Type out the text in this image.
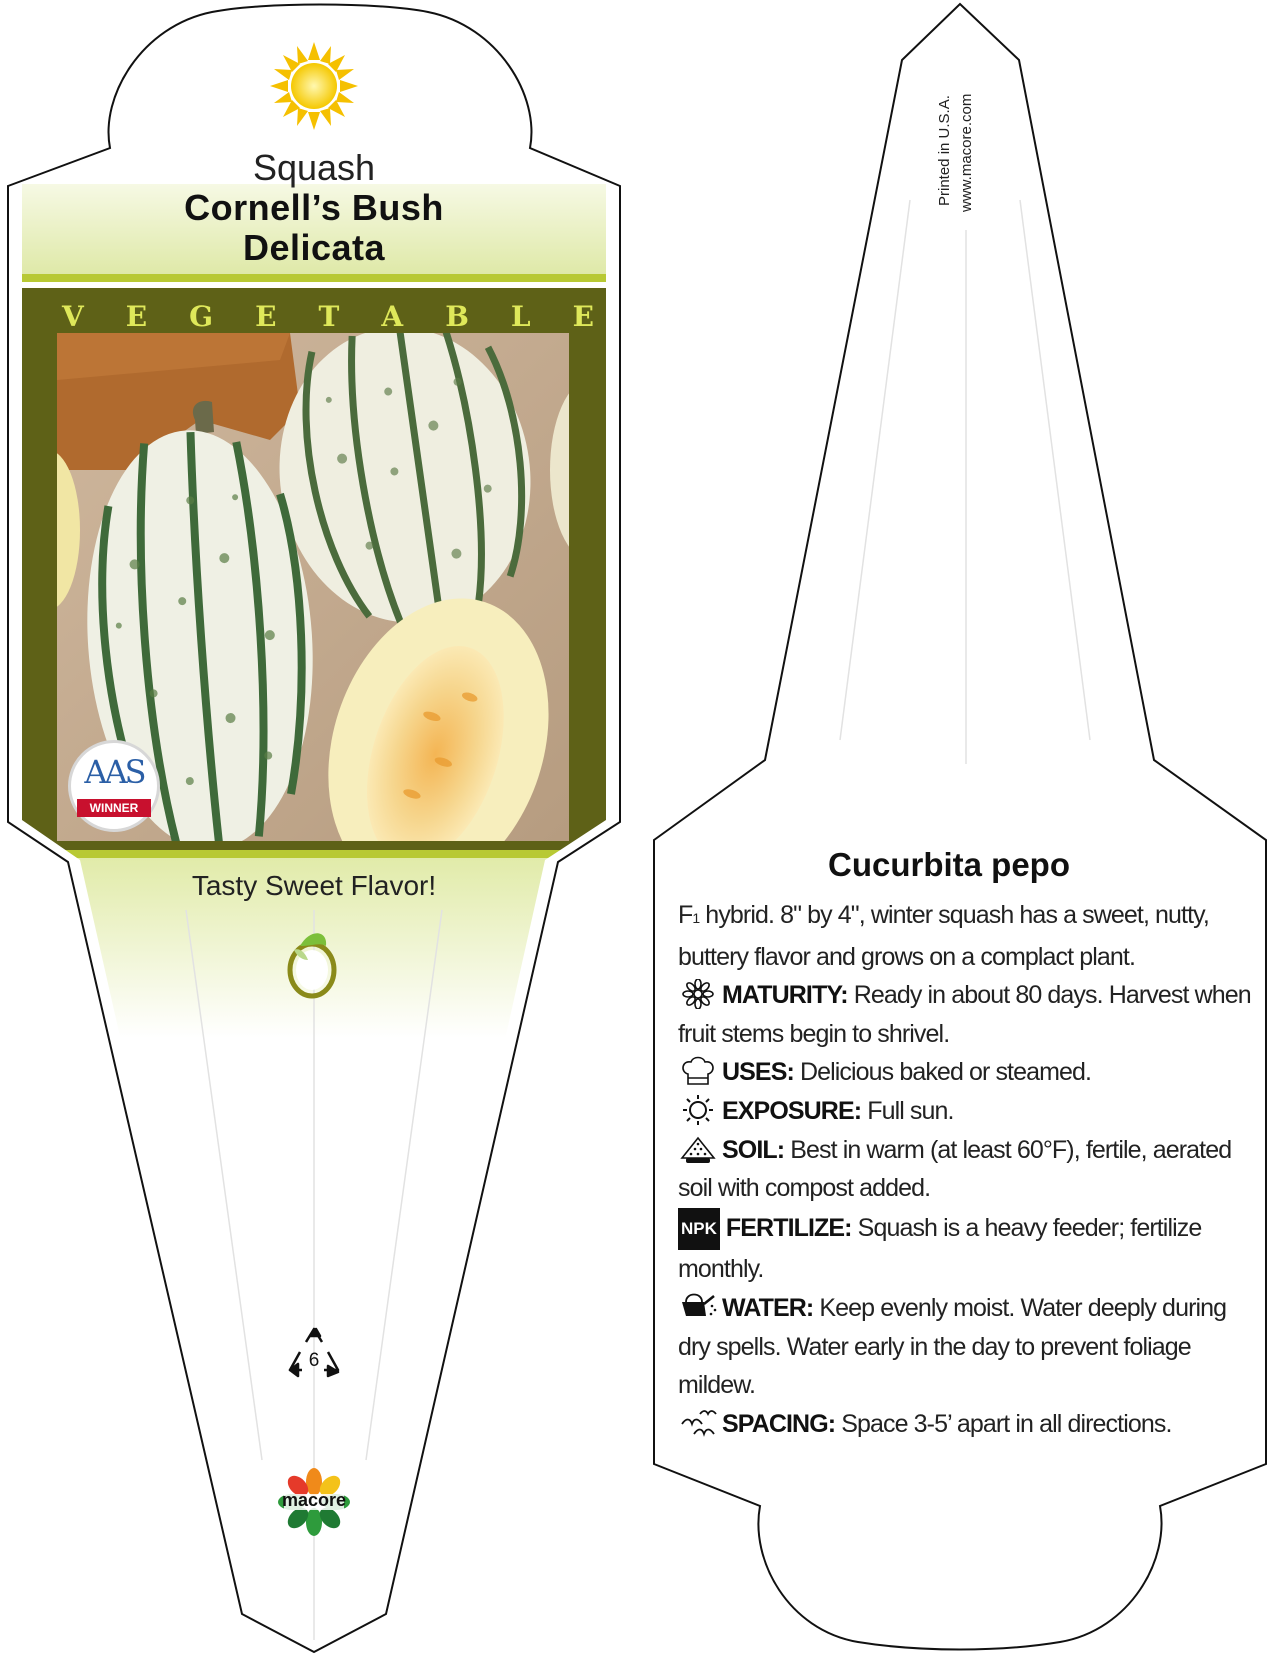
Squash
Cornell’s Bush
Delicata
V E G E T A B L E
AAS
WINNER
Tasty Sweet Flavor!
6
macore
Printed in U.S.A. www.macore.com
Cucurbita pepo

F1 hybrid. 8" by 4", winter squash has a sweet, nutty, buttery flavor and grows on a complact plant.

MATURITY: Ready in about 80 days. Harvest when fruit stems begin to shrivel.

USES: Delicious baked or steamed.

EXPOSURE: Full sun.

SOIL: Best in warm (at least 60°F), fertile, aerated soil with compost added.

NPK FERTILIZE: Squash is a heavy feeder; fertilize monthly.

WATER: Keep evenly moist. Water deeply during dry spells. Water early in the day to prevent foliage mildew.

SPACING: Space 3-5’ apart in all directions.
